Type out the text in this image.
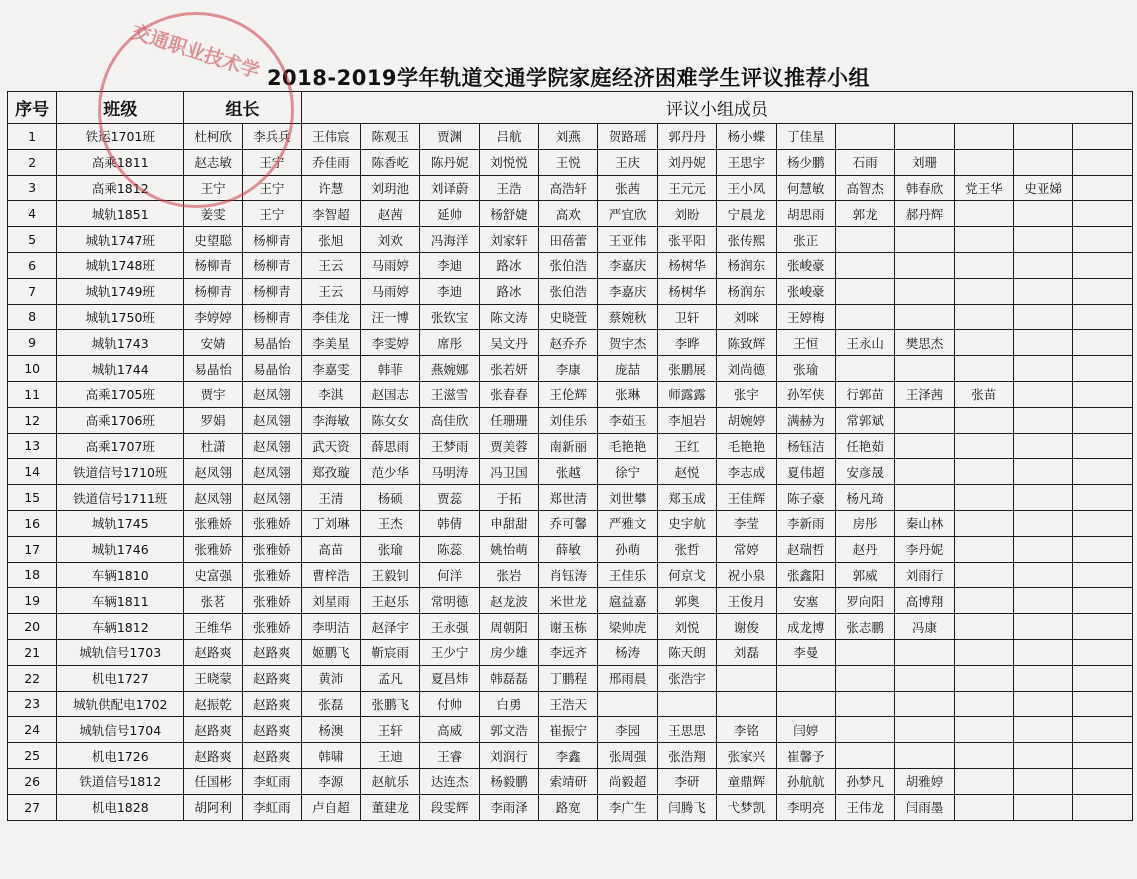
2018-2019学年轨道交通学院家庭经济困难学生评议推荐小组
序号	班级	组长		评议小组成员													
1	铁运1701班	杜柯欣	李兵兵	王伟宸	陈观玉	贾渊	吕航	刘燕	贺路瑶	郭丹丹	杨小蝶	丁佳星					
2	高乘1811	赵志敏	王宁	乔佳雨	陈香屹	陈丹妮	刘悦悦	王悦	王庆	刘丹妮	王思宇	杨少鹏	石雨	刘珊			
3	高乘1812	王宁	王宁	许慧	刘玥池	刘译蔚	王浩	高浩轩	张茜	王元元	王小凤	何慧敏	高智杰	韩春欣	党王华	史亚娣	
4	城轨1851	姜雯	王宁	李智超	赵茜	延帅	杨舒婕	高欢	严宜欣	刘盼	宁晨龙	胡思雨	郭龙	郝丹辉			
5	城轨1747班	史望聪	杨柳青	张旭	刘欢	冯海洋	刘家轩	田蓓蕾	王亚伟	张平阳	张传熙	张正					
6	城轨1748班	杨柳青	杨柳青	王云	马雨婷	李迪	路冰	张伯浩	李嘉庆	杨树华	杨润东	张峻豪					
7	城轨1749班	杨柳青	杨柳青	王云	马雨婷	李迪	路冰	张伯浩	李嘉庆	杨树华	杨润东	张峻豪					
8	城轨1750班	李婷婷	杨柳青	李佳龙	汪一博	张钦宝	陈文涛	史晓萱	蔡婉秋	卫轩	刘咪	王婷梅					
9	城轨1743	安婧	易晶怡	李美星	李雯婷	席彤	吴文丹	赵乔乔	贺宇杰	李晔	陈致辉	王恒	王永山	樊思杰			
10	城轨1744	易晶怡	易晶怡	李嘉雯	韩菲	燕婉娜	张若妍	李康	庞喆	张鹏展	刘尚德	张瑜					
11	高乘1705班	贾宇	赵凤翎	李淇	赵国志	王滋雪	张春春	王伦辉	张琳	师露露	张宇	孙军侠	行郭苗	王泽茜	张苗		
12	高乘1706班	罗娟	赵凤翎	李海敏	陈女女	高佳欣	任珊珊	刘佳乐	李茹玉	李旭岩	胡婉婷	满赫为	常郭斌				
13	高乘1707班	杜潇	赵凤翎	武天资	薛思雨	王梦雨	贾美蓉	南新丽	毛艳艳	王红	毛艳艳	杨钰洁	任艳茹				
14	铁道信号1710班	赵凤翎	赵凤翎	郑孜璇	范少华	马明涛	冯卫国	张越	徐宁	赵悦	李志成	夏伟超	安彦晟				
15	铁道信号1711班	赵凤翎	赵凤翎	王清	杨硕	贾蕊	于拓	郑世清	刘世攀	郑玉成	王佳辉	陈子豪	杨凡琦				
16	城轨1745	张雅娇	张雅娇	丁刘琳	王杰	韩倩	申甜甜	乔可馨	严雅文	史宇航	李莹	李新雨	房彤	秦山林			
17	城轨1746	张雅娇	张雅娇	高苗	张瑜	陈蕊	姚怡萌	薛敏	孙萌	张哲	常婷	赵瑞哲	赵丹	李丹妮			
18	车辆1810	史富强	张雅娇	曹梓浩	王毅钊	何洋	张岩	肖钰涛	王佳乐	何京戈	祝小泉	张鑫阳	郭威	刘雨行			
19	车辆1811	张茗	张雅娇	刘星雨	王赵乐	常明德	赵龙波	米世龙	扈益嘉	郭奥	王俊月	安塞	罗向阳	高博翔			
20	车辆1812	王维华	张雅娇	李明洁	赵泽宇	王永强	周朝阳	谢玉栋	梁帅虎	刘悦	谢俊	成龙博	张志鹏	冯康			
21	城轨信号1703	赵路爽	赵路爽	姬鹏飞	靳宸雨	王少宁	房少雄	李远齐	杨涛	陈天朗	刘磊	李曼					
22	机电1727	王晓蒙	赵路爽	黄沛	孟凡	夏昌炜	韩磊磊	丁鹏程	邢雨晨	张浩宇							
23	城轨供配电1702	赵振乾	赵路爽	张磊	张鹏飞	付帅	白勇	王浩天									
24	城轨信号1704	赵路爽	赵路爽	杨澳	王轩	高威	郭文浩	崔振宁	李园	王思思	李铭	闫婷					
25	机电1726	赵路爽	赵路爽	韩啸	王迪	王睿	刘润行	李鑫	张周强	张浩翔	张家兴	崔馨予					
26	铁道信号1812	任国彬	李虹雨	李源	赵航乐	达连杰	杨毅鹏	索靖研	尚毅超	李研	童鼎辉	孙航航	孙梦凡	胡雅婷			
27	机电1828	胡阿利	李虹雨	卢自超	董建龙	段雯辉	李雨泽	路宽	李广生	闫腾飞	弋梦凯	李明亮	王伟龙	闫雨墨			
交通职业技术学
